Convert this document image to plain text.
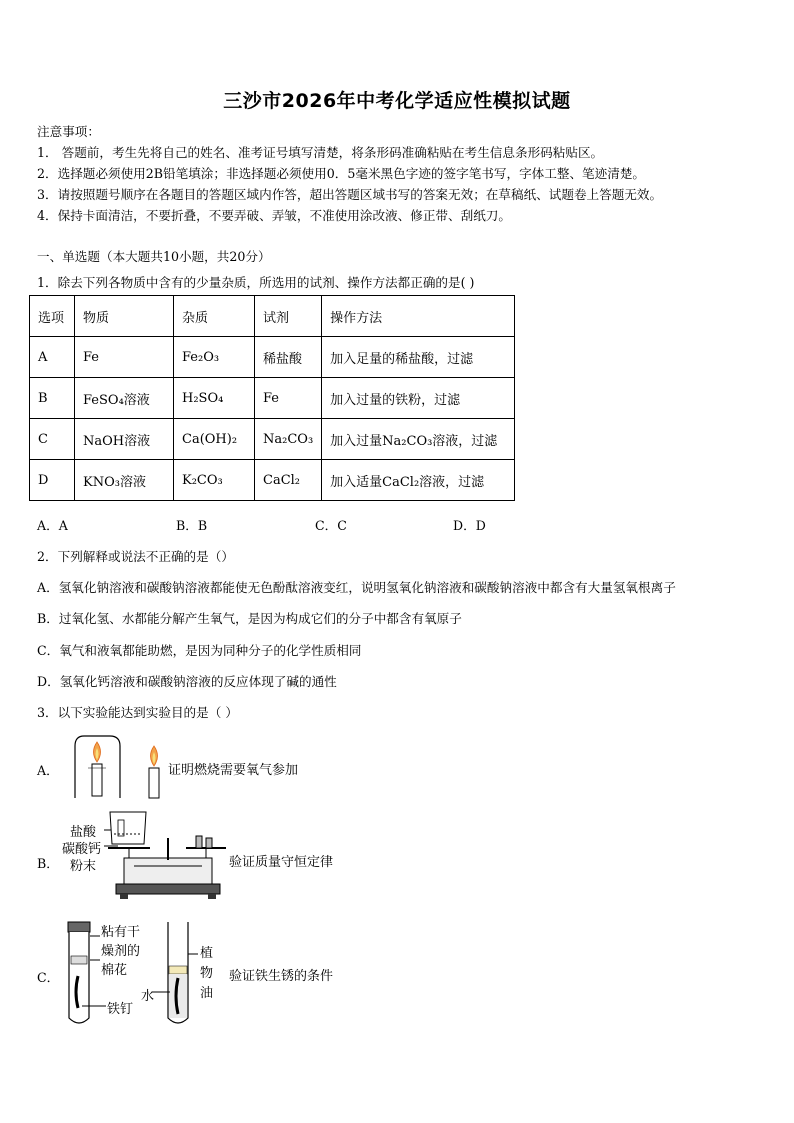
三沙市2026年中考化学适应性模拟试题
注意事项：
1． 答题前，考生先将自己的姓名、准考证号填写清楚，将条形码准确粘贴在考生信息条形码粘贴区。
2．选择题必须使用2B铅笔填涂；非选择题必须使用0．5毫米黑色字迹的签字笔书写，字体工整、笔迹清楚。
3．请按照题号顺序在各题目的答题区域内作答，超出答题区域书写的答案无效；在草稿纸、试题卷上答题无效。
4．保持卡面清洁，不要折叠，不要弄破、弄皱，不准使用涂改液、修正带、刮纸刀。
一、单选题（本大题共10小题，共20分）
1．除去下列各物质中含有的少量杂质，所选用的试剂、操作方法都正确的是( )
选项	物质	杂质	试剂	操作方法
A	Fe	Fe₂O₃	稀盐酸	加入足量的稀盐酸，过滤
B	FeSO₄溶液	H₂SO₄	Fe	加入过量的铁粉，过滤
C	NaOH溶液	Ca(OH)₂	Na₂CO₃	加入过量Na₂CO₃溶液，过滤
D	KNO₃溶液	K₂CO₃	CaCl₂	加入适量CaCl₂溶液，过滤
A．A	B．B	C．C	D．D
2．下列解释或说法不正确的是（）
A．氢氧化钠溶液和碳酸钠溶液都能使无色酚酞溶液变红，说明氢氧化钠溶液和碳酸钠溶液中都含有大量氢氧根离子
B．过氧化氢、水都能分解产生氧气，是因为构成它们的分子中都含有氧原子
C．氧气和液氧都能助燃，是因为同种分子的化学性质相同
D．氢氧化钙溶液和碳酸钠溶液的反应体现了碱的通性
3．以下实验能达到实验目的是（ ）
A．	证明燃烧需要氧气参加
B．
盐酸
碳酸钙
粉末	验证质量守恒定律
C．
粘有干
燥剂的
棉花
铁钉
水
植
物
油
验证铁生锈的条件
